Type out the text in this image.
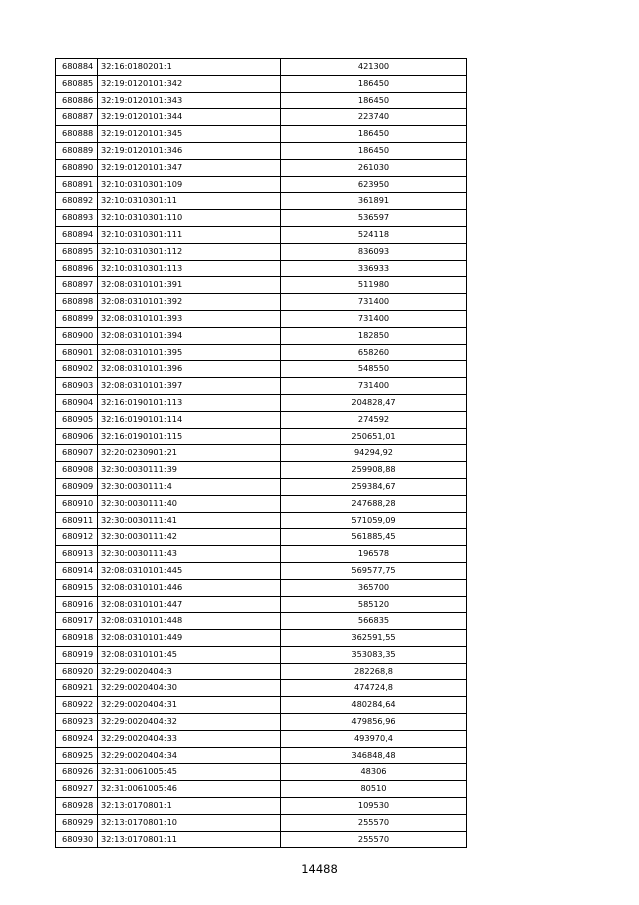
680884	32:16:0180201:1	421300
680885	32:19:0120101:342	186450
680886	32:19:0120101:343	186450
680887	32:19:0120101:344	223740
680888	32:19:0120101:345	186450
680889	32:19:0120101:346	186450
680890	32:19:0120101:347	261030
680891	32:10:0310301:109	623950
680892	32:10:0310301:11	361891
680893	32:10:0310301:110	536597
680894	32:10:0310301:111	524118
680895	32:10:0310301:112	836093
680896	32:10:0310301:113	336933
680897	32:08:0310101:391	511980
680898	32:08:0310101:392	731400
680899	32:08:0310101:393	731400
680900	32:08:0310101:394	182850
680901	32:08:0310101:395	658260
680902	32:08:0310101:396	548550
680903	32:08:0310101:397	731400
680904	32:16:0190101:113	204828,47
680905	32:16:0190101:114	274592
680906	32:16:0190101:115	250651,01
680907	32:20:0230901:21	94294,92
680908	32:30:0030111:39	259908,88
680909	32:30:0030111:4	259384,67
680910	32:30:0030111:40	247688,28
680911	32:30:0030111:41	571059,09
680912	32:30:0030111:42	561885,45
680913	32:30:0030111:43	196578
680914	32:08:0310101:445	569577,75
680915	32:08:0310101:446	365700
680916	32:08:0310101:447	585120
680917	32:08:0310101:448	566835
680918	32:08:0310101:449	362591,55
680919	32:08:0310101:45	353083,35
680920	32:29:0020404:3	282268,8
680921	32:29:0020404:30	474724,8
680922	32:29:0020404:31	480284,64
680923	32:29:0020404:32	479856,96
680924	32:29:0020404:33	493970,4
680925	32:29:0020404:34	346848,48
680926	32:31:0061005:45	48306
680927	32:31:0061005:46	80510
680928	32:13:0170801:1	109530
680929	32:13:0170801:10	255570
680930	32:13:0170801:11	255570
14488
